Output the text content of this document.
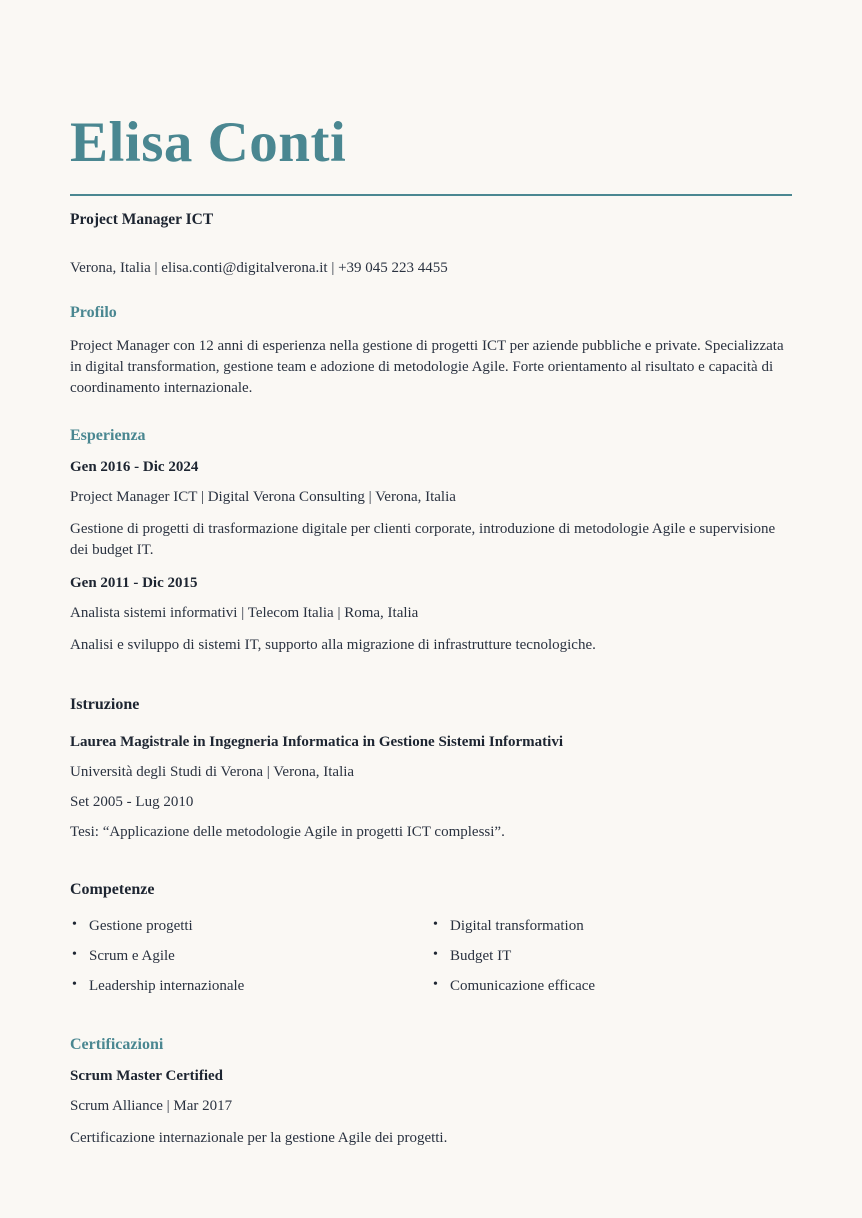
Elisa Conti
Project Manager ICT
Verona, Italia | elisa.conti@digitalverona.it | +39 045 223 4455
Profilo

Project Manager con 12 anni di esperienza nella gestione di progetti ICT per aziende pubbliche e private. Specializzata in digital transformation, gestione team e adozione di metodologie Agile. Forte orientamento al risultato e capacità di coordinamento internazionale.

Esperienza
Gen 2016 - Dic 2024
Project Manager ICT | Digital Verona Consulting | Verona, Italia

Gestione di progetti di trasformazione digitale per clienti corporate, introduzione di metodologie Agile e supervisione dei budget IT.

Gen 2011 - Dic 2015
Analista sistemi informativi | Telecom Italia | Roma, Italia

Analisi e sviluppo di sistemi IT, supporto alla migrazione di infrastrutture tecnologiche.

Istruzione
Laurea Magistrale in Ingegneria Informatica in Gestione Sistemi Informativi
Università degli Studi di Verona | Verona, Italia
Set 2005 - Lug 2010
Tesi: “Applicazione delle metodologie Agile in progetti ICT complessi”.
Competenze
• Gestione progetti
• Scrum e Agile
• Leadership internazionale
• Digital transformation
• Budget IT
• Comunicazione efficace
Certificazioni
Scrum Master Certified
Scrum Alliance | Mar 2017

Certificazione internazionale per la gestione Agile dei progetti.
